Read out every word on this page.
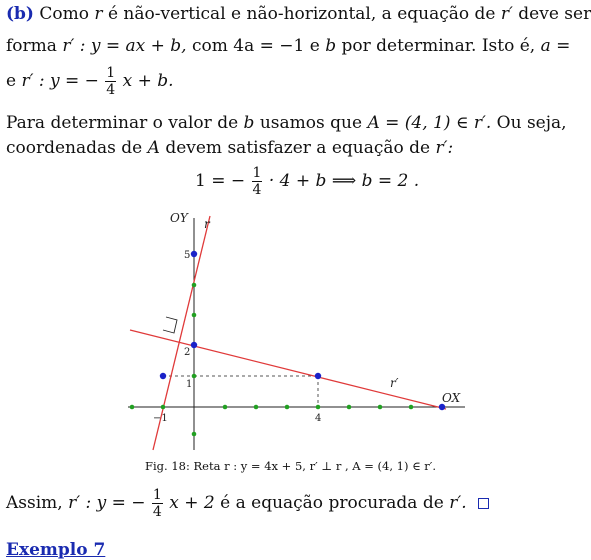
(b) Como r é não-vertical e não-horizontal, a equação de r′ deve ser
forma r′ : y = ax + b, com 4a = −1 e b por determinar. Isto é, a =
e r′ : y = − $\frac{1}{4}$ x + b.
Para determinar o valor de b usamos que A = (4, 1) ∈ r′. Ou seja,
coordenadas de A devem satisfazer a equação de r′:
1 = − $\frac{1}{4} \cdot 4 + b$ ⟹ b = 2 .
OY r
OX
r′
5
2
1
−1	4
Fig. 18: Reta r : y = 4x + 5, r′ ⊥ r , A = (4, 1) ∈ r′.
Assim, r′ : y = − $\frac{1}{4}$ x + 2 é a equação procurada de r′.
Exemplo 7
